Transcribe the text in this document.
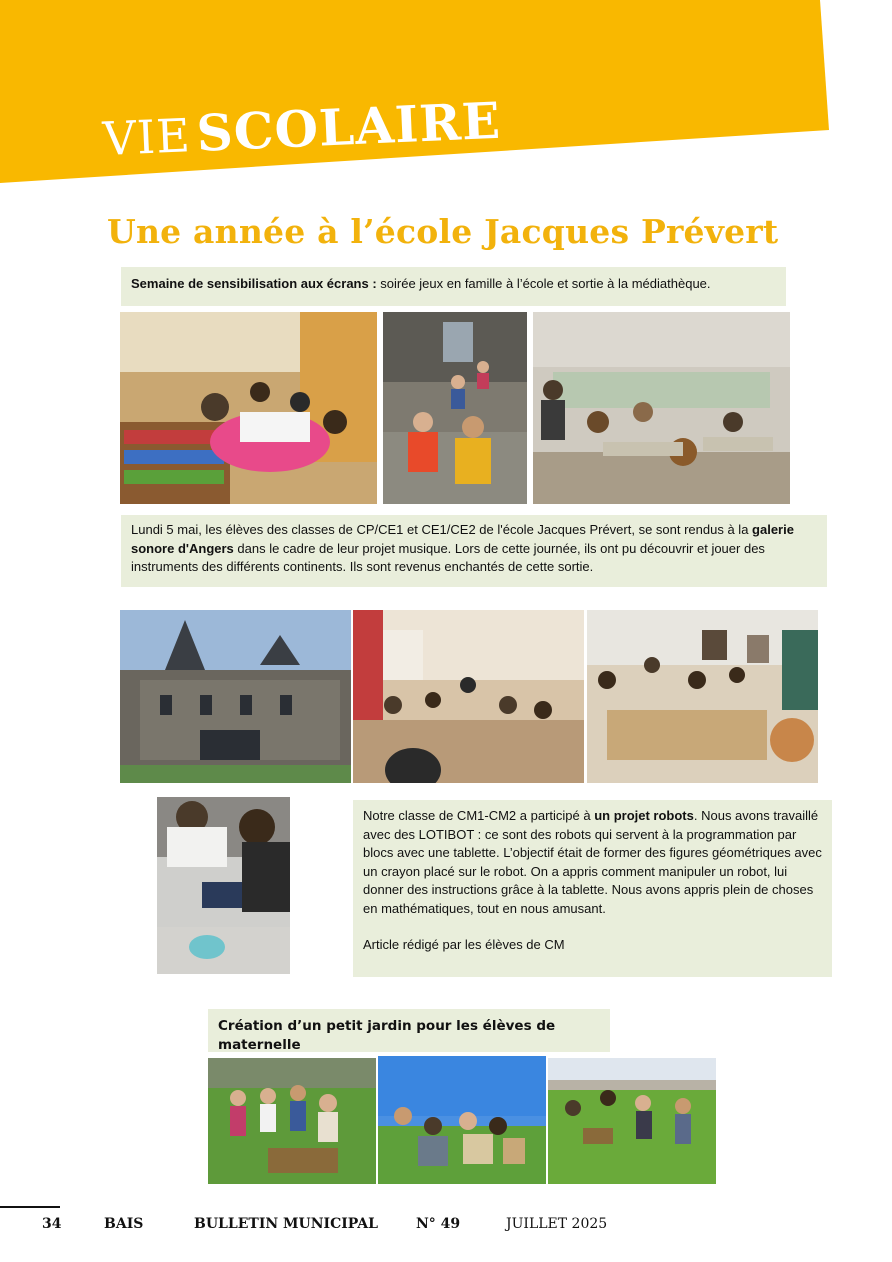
VIESCOLAIRE
Une année à l’école Jacques Prévert
Semaine de sensibilisation aux écrans : soirée jeux en famille à l’école et sortie à la médiathèque.
Lundi 5 mai, les élèves des classes de CP/CE1 et CE1/CE2 de l'école Jacques Prévert, se sont rendus à la galerie sonore d'Angers dans le cadre de leur projet musique. Lors de cette journée, ils ont pu découvrir et jouer des instruments des différents continents. Ils sont revenus enchantés de cette sortie.

Notre classe de CM1-CM2 a participé à un projet robots. Nous avons travaillé avec des LOTIBOT : ce sont des robots qui servent à la programmation par blocs avec une tablette. L’objectif était de former des figures géométriques avec un crayon placé sur le robot. On a appris comment manipuler un robot, lui donner des instructions grâce à la tablette. Nous avons appris plein de choses en mathématiques, tout en nous amusant.

Article rédigé par les élèves de CM

Création d’un petit jardin pour les élèves de maternelle
34	BAIS	BULLETIN MUNICIPAL	N° 49	JUILLET 2025
